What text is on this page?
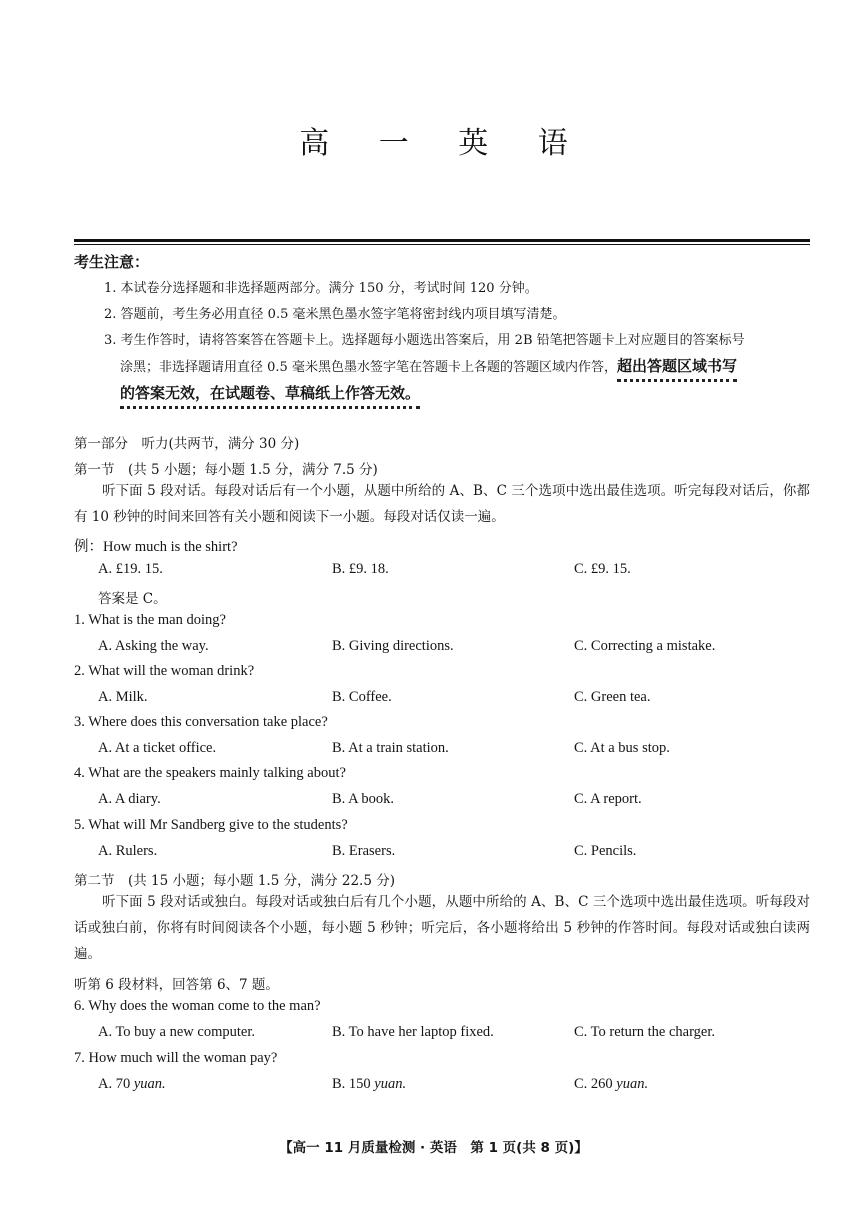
高 一 英 语
考生注意：
1. 本试卷分选择题和非选择题两部分。满分 150 分，考试时间 120 分钟。
2. 答题前，考生务必用直径 0.5 毫米黑色墨水签字笔将密封线内项目填写清楚。
3. 考生作答时，请将答案答在答题卡上。选择题每小题选出答案后，用 2B 铅笔把答题卡上对应题目的答案标号
涂黑；非选择题请用直径 0.5 毫米黑色墨水签字笔在答题卡上各题的答题区域内作答，超出答题区域书写
的答案无效，在试题卷、草稿纸上作答无效。
第一部分　听力(共两节，满分 30 分)
第一节　(共 5 小题；每小题 1.5 分，满分 7.5 分)
听下面 5 段对话。每段对话后有一个小题，从题中所给的 A、B、C 三个选项中选出最佳选项。听完每段对话后，你都有 10 秒钟的时间来回答有关小题和阅读下一小题。每段对话仅读一遍。
例：How much is the shirt?
A. £19. 15.	B. £9. 18.	C. £9. 15.
答案是 C。
1. What is the man doing?
A. Asking the way.	B. Giving directions.	C. Correcting a mistake.
2. What will the woman drink?
A. Milk.	B. Coffee.	C. Green tea.
3. Where does this conversation take place?
A. At a ticket office.	B. At a train station.	C. At a bus stop.
4. What are the speakers mainly talking about?
A. A diary.	B. A book.	C. A report.
5. What will Mr Sandberg give to the students?
A. Rulers.	B. Erasers.	C. Pencils.
第二节　(共 15 小题；每小题 1.5 分，满分 22.5 分)
听下面 5 段对话或独白。每段对话或独白后有几个小题，从题中所给的 A、B、C 三个选项中选出最佳选项。听每段对话或独白前，你将有时间阅读各个小题，每小题 5 秒钟；听完后，各小题将给出 5 秒钟的作答时间。每段对话或独白读两遍。
听第 6 段材料，回答第 6、7 题。
6. Why does the woman come to the man?
A. To buy a new computer.	B. To have her laptop fixed.	C. To return the charger.
7. How much will the woman pay?
A. 70 yuan.	B. 150 yuan.	C. 260 yuan.
【高一 11 月质量检测 · 英语　第 1 页(共 8 页)】
